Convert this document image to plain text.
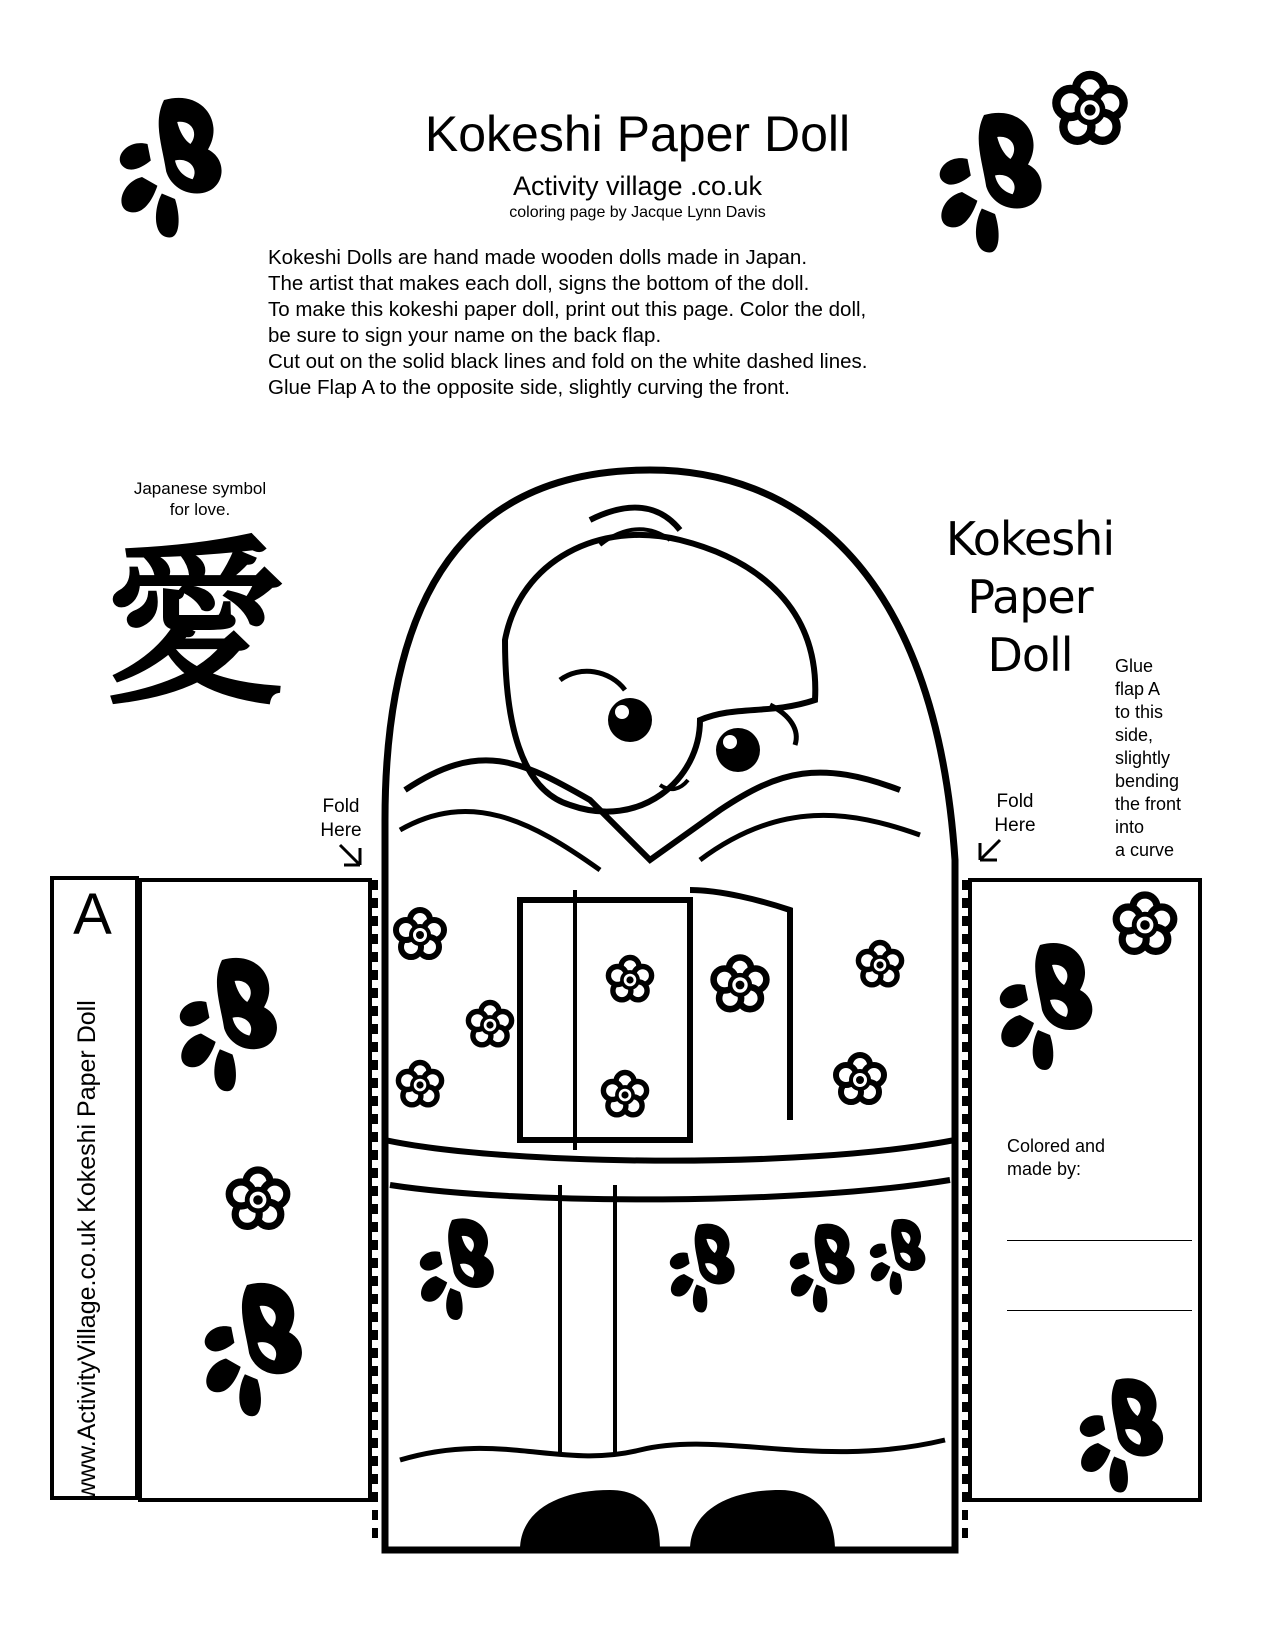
Kokeshi Paper Doll
Activity village .co.uk
coloring page by Jacque Lynn Davis
Kokeshi Dolls are hand made wooden dolls made in Japan.
The artist that makes each doll, signs the bottom of the doll.
To make this kokeshi paper doll, print out this page. Color the doll,
be sure to sign your name on the back flap.
Cut out on the solid black lines and fold on the white dashed lines.
Glue Flap A to the opposite side, slightly curving the front.
Japanese symbol
for love.
愛	Kokeshi
Paper
Doll	Glue
flap A
to this
side,
slightly
bending
the front
into
a curve
Fold
Here
Fold
Here
A
www.ActivityVillage.co.uk Kokeshi Paper Doll	Colored and
made by:
